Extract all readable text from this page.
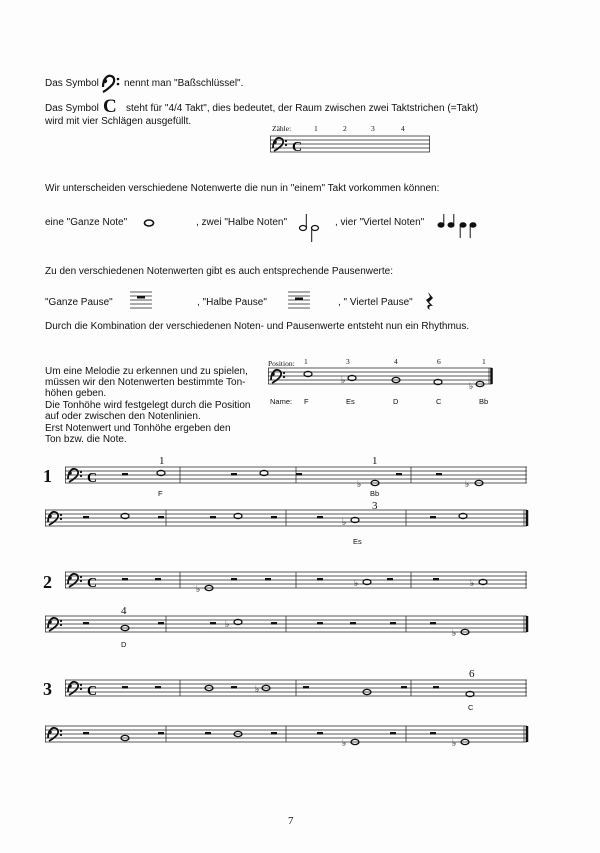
Das Symbol	nennt man "Baßschlüssel".
Das Symbol C steht für "4/4 Takt", dies bedeutet, der Raum zwischen zwei Taktstrichen (=Takt)
wird mit vier Schlägen ausgefüllt.
Zähle:	1	2	3	4
C
Wir unterscheiden verschiedene Notenwerte die nun in "einem" Takt vorkommen können:
eine "Ganze Note"	, zwei "Halbe Noten"	, vier "Viertel Noten"
Zu den verschiedenen Notenwerten gibt es auch entsprechende Pausenwerte:
"Ganze Pause"	, "Halbe Pause"	, " Viertel Pause"
Durch die Kombination der verschiedenen Noten- und Pausenwerte entsteht nun ein Rhythmus.
Um eine Melodie zu erkennen und zu spielen,
müssen wir den Notenwerten bestimmte Ton-
höhen geben.
Die Tonhöhe wird festgelegt durch die Position
auf oder zwischen den Notenlinien.
Erst Notenwert und Tonhöhe ergeben den
Ton bzw. die Note.
Position: 1	3	4	6	1
♭
♭
Name: F	Es	D	C	Bb
1
1	1
C	♭	♭
F	Bb
3
♭
Es
2	C	♭
♭	♭
4
♭
♭
D
3
6
C	♭
C
♭	♭
7
